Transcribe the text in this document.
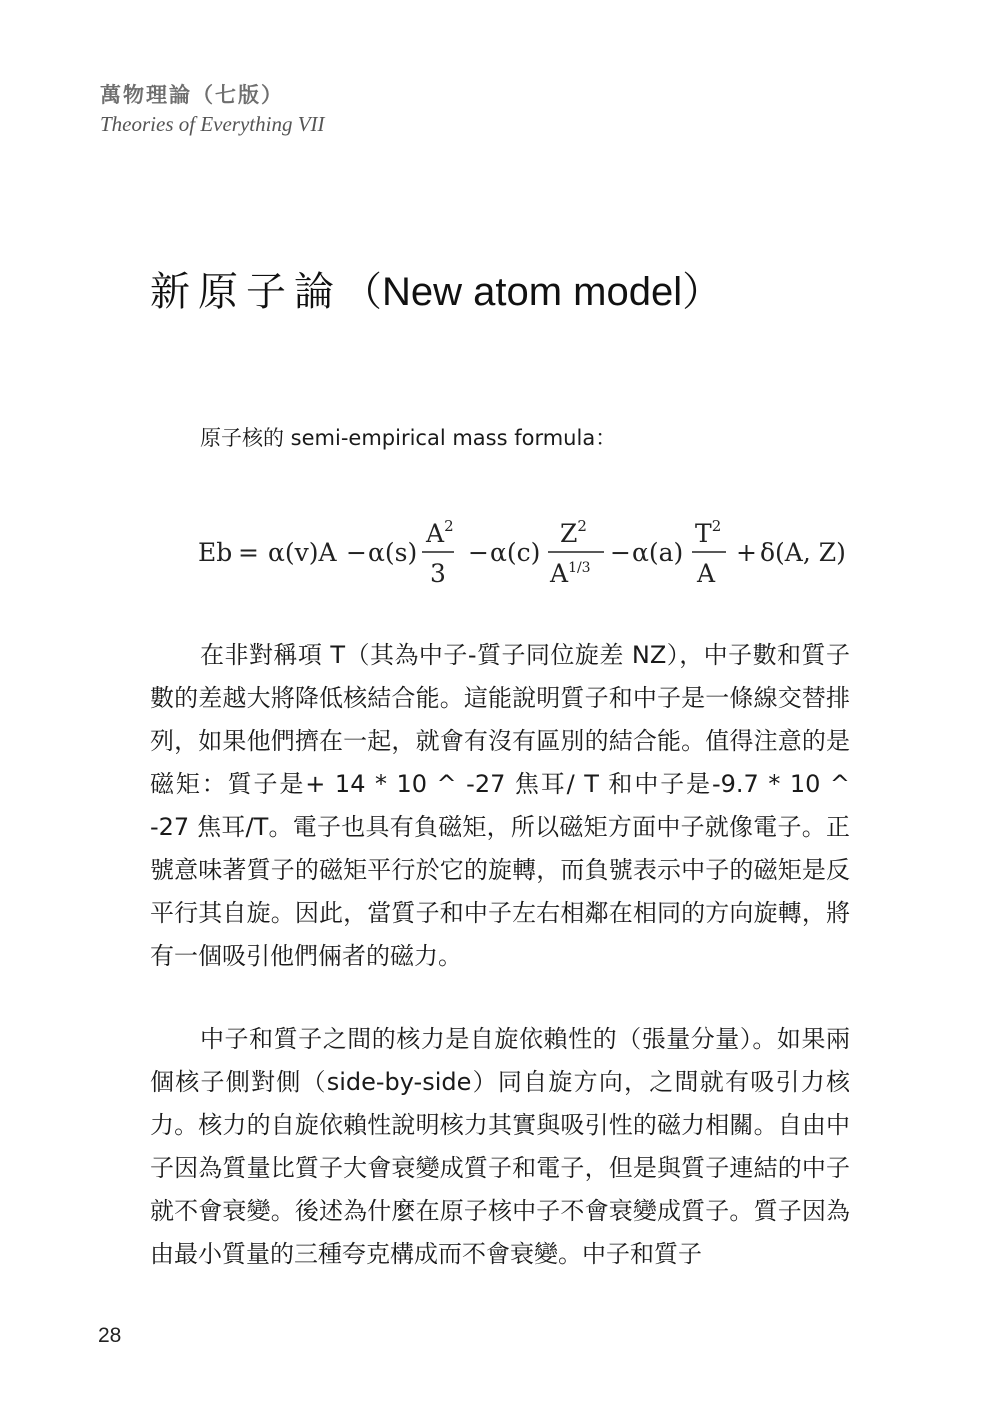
萬物理論（七版）
Theories of Everything VII
新原子論（New atom model）
原子核的 semi-empirical mass formula：
Eb = α(v)A − α(s)
$A^2$
3
− α(c)
$Z^2$
$A^{1/3}$
− α(a)
$T^2$
A
+ δ(A, Z)

在非對稱項 T（其為中子-質子同位旋差 NZ），中子數和質子數的差越大將降低核結合能。這能說明質子和中子是一條線交替排列，如果他們擠在一起，就會有沒有區別的結合能。值得注意的是磁矩：質子是+ 14 * 10 ^ -27 焦耳/ T 和中子是-9.7 * 10 ^ -27 焦耳/T。電子也具有負磁矩，所以磁矩方面中子就像電子。正號意味著質子的磁矩平行於它的旋轉，而負號表示中子的磁矩是反平行其自旋。因此，當質子和中子左右相鄰在相同的方向旋轉，將有一個吸引他們倆者的磁力。

中子和質子之間的核力是自旋依賴性的（張量分量）。如果兩個核子側對側（side-by-side）同自旋方向，之間就有吸引力核力。核力的自旋依賴性說明核力其實與吸引性的磁力相關。自由中子因為質量比質子大會衰變成質子和電子，但是與質子連結的中子就不會衰變。後述為什麼在原子核中子不會衰變成質子。質子因為由最小質量的三種夸克構成而不會衰變。中子和質子

28
